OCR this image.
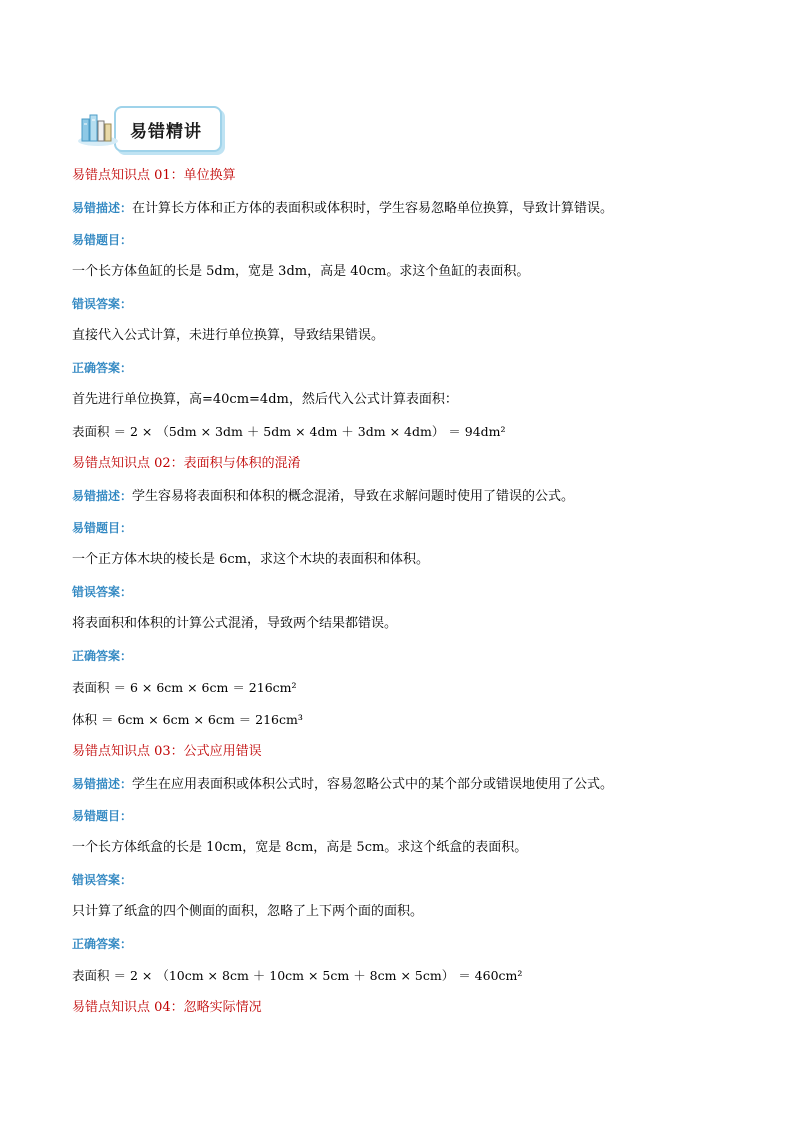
易错精讲
易错点知识点 01：单位换算
易错描述：在计算长方体和正方体的表面积或体积时，学生容易忽略单位换算，导致计算错误。
易错题目：
一个长方体鱼缸的长是 5dm，宽是 3dm，高是 40cm。求这个鱼缸的表面积。
错误答案：
直接代入公式计算，未进行单位换算，导致结果错误。
正确答案：
首先进行单位换算，高=40cm=4dm，然后代入公式计算表面积：
表面积 ＝ 2 × （5dm × 3dm ＋ 5dm × 4dm ＋ 3dm × 4dm） ＝ 94dm²
易错点知识点 02：表面积与体积的混淆
易错描述：学生容易将表面积和体积的概念混淆，导致在求解问题时使用了错误的公式。
易错题目：
一个正方体木块的棱长是 6cm，求这个木块的表面积和体积。
错误答案：
将表面积和体积的计算公式混淆，导致两个结果都错误。
正确答案：
表面积 ＝ 6 × 6cm × 6cm ＝ 216cm²
体积 ＝ 6cm × 6cm × 6cm ＝ 216cm³
易错点知识点 03：公式应用错误
易错描述：学生在应用表面积或体积公式时，容易忽略公式中的某个部分或错误地使用了公式。
易错题目：
一个长方体纸盒的长是 10cm，宽是 8cm，高是 5cm。求这个纸盒的表面积。
错误答案：
只计算了纸盒的四个侧面的面积，忽略了上下两个面的面积。
正确答案：
表面积 ＝ 2 × （10cm × 8cm ＋ 10cm × 5cm ＋ 8cm × 5cm） ＝ 460cm²
易错点知识点 04：忽略实际情况
